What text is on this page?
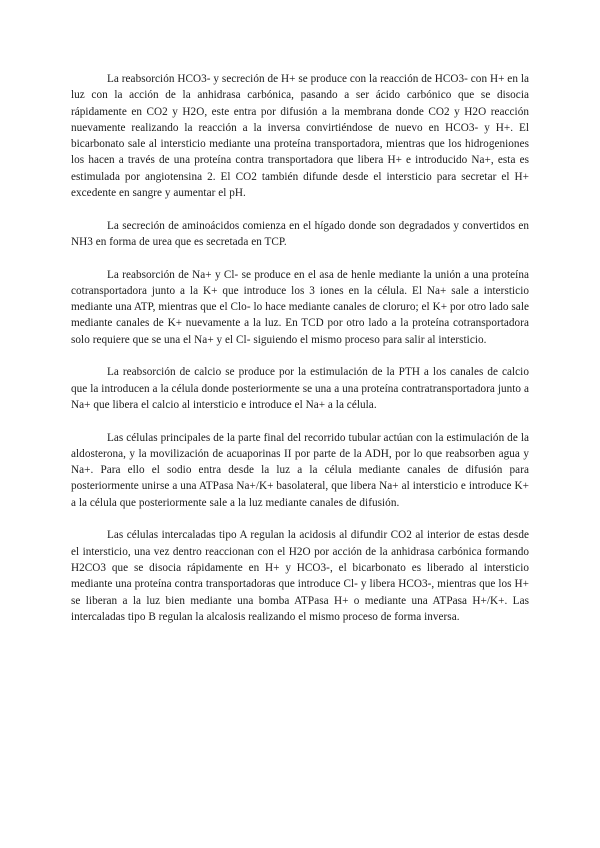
La reabsorción HCO3- y secreción de H+ se produce con la reacción de HCO3- con H+ en la luz con la acción de la anhidrasa carbónica, pasando a ser ácido carbónico que se disocia rápidamente en CO2 y H2O, este entra por difusión a la membrana donde CO2 y H2O reacción nuevamente realizando la reacción a la inversa convirtiéndose de nuevo en HCO3- y H+. El bicarbonato sale al intersticio mediante una proteína transportadora, mientras que los hidrogeniones los hacen a través de una proteína contra transportadora que libera H+ e introducido Na+, esta es estimulada por angiotensina 2. El CO2 también difunde desde el intersticio para secretar el H+ excedente en sangre y aumentar el pH.

La secreción de aminoácidos comienza en el hígado donde son degradados y convertidos en NH3 en forma de urea que es secretada en TCP.

La reabsorción de Na+ y Cl- se produce en el asa de henle mediante la unión a una proteína cotransportadora junto a la K+ que introduce los 3 iones en la célula. El Na+ sale a intersticio mediante una ATP, mientras que el Clo- lo hace mediante canales de cloruro; el K+ por otro lado sale mediante canales de K+ nuevamente a la luz. En TCD por otro lado a la proteína cotransportadora solo requiere que se una el Na+ y el Cl- siguiendo el mismo proceso para salir al intersticio.

La reabsorción de calcio se produce por la estimulación de la PTH a los canales de calcio que la introducen a la célula donde posteriormente se una a una proteína contratransportadora junto a Na+ que libera el calcio al intersticio e introduce el Na+ a la célula.

Las células principales de la parte final del recorrido tubular actúan con la estimulación de la aldosterona, y la movilización de acuaporinas II por parte de la ADH, por lo que reabsorben agua y Na+. Para ello el sodio entra desde la luz a la célula mediante canales de difusión para posteriormente unirse a una ATPasa Na+/K+ basolateral, que libera Na+ al intersticio e introduce K+ a la célula que posteriormente sale a la luz mediante canales de difusión.

Las células intercaladas tipo A regulan la acidosis al difundir CO2 al interior de estas desde el intersticio, una vez dentro reaccionan con el H2O por acción de la anhidrasa carbónica formando H2CO3 que se disocia rápidamente en H+ y HCO3-, el bicarbonato es liberado al intersticio mediante una proteína contra transportadoras que introduce Cl- y libera HCO3-, mientras que los H+ se liberan a la luz bien mediante una bomba ATPasa H+ o mediante una ATPasa H+/K+. Las intercaladas tipo B regulan la alcalosis realizando el mismo proceso de forma inversa.
